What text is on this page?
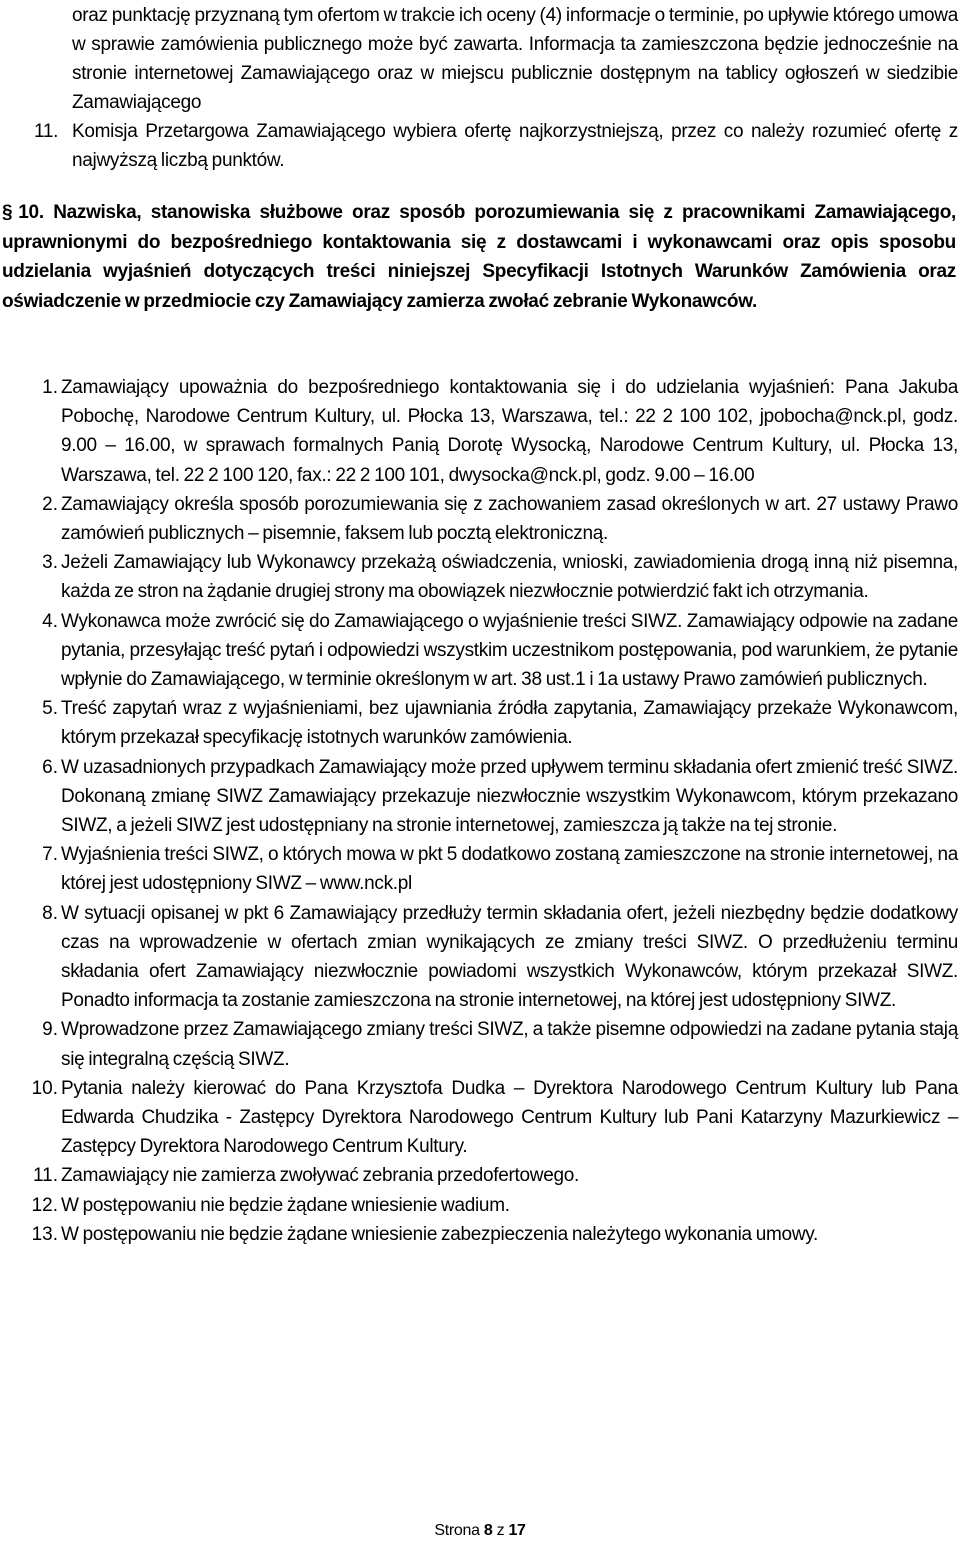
oraz punktację przyznaną tym ofertom w trakcie ich oceny (4) informacje o terminie, po upływie którego umowa w sprawie zamówienia publicznego może być zawarta. Informacja ta zamieszczona będzie jednocześnie na stronie internetowej Zamawiającego oraz w miejscu publicznie dostępnym na tablicy ogłoszeń w siedzibie Zamawiającego
11. Komisja Przetargowa Zamawiającego wybiera ofertę najkorzystniejszą, przez co należy rozumieć ofertę z najwyższą liczbą punktów.
§ 10. Nazwiska, stanowiska służbowe oraz sposób porozumiewania się z pracownikami Zamawiającego, uprawnionymi do bezpośredniego kontaktowania się z dostawcami i wykonawcami oraz opis sposobu udzielania wyjaśnień dotyczących treści niniejszej Specyfikacji Istotnych Warunków Zamówienia oraz oświadczenie w przedmiocie czy Zamawiający zamierza zwołać zebranie Wykonawców.
1. Zamawiający upoważnia do bezpośredniego kontaktowania się i do udzielania wyjaśnień: Pana Jakuba Pobochę, Narodowe Centrum Kultury, ul. Płocka 13, Warszawa, tel.: 22 2 100 102, jpobocha@nck.pl, godz. 9.00 – 16.00, w sprawach formalnych Panią Dorotę Wysocką, Narodowe Centrum Kultury, ul. Płocka 13, Warszawa, tel. 22 2 100 120, fax.: 22 2 100 101, dwysocka@nck.pl, godz. 9.00 – 16.00
2. Zamawiający określa sposób porozumiewania się z zachowaniem zasad określonych w art. 27 ustawy Prawo zamówień publicznych – pisemnie, faksem lub pocztą elektroniczną.
3. Jeżeli Zamawiający lub Wykonawcy przekażą oświadczenia, wnioski, zawiadomienia drogą inną niż pisemna, każda ze stron na żądanie drugiej strony ma obowiązek niezwłocznie potwierdzić fakt ich otrzymania.
4. Wykonawca może zwrócić się do Zamawiającego o wyjaśnienie treści SIWZ. Zamawiający odpowie na zadane pytania, przesyłając treść pytań i odpowiedzi wszystkim uczestnikom postępowania, pod warunkiem, że pytanie wpłynie do Zamawiającego, w terminie określonym w art. 38 ust.1 i 1a ustawy Prawo zamówień publicznych.
5. Treść zapytań wraz z wyjaśnieniami, bez ujawniania źródła zapytania, Zamawiający przekaże Wykonawcom, którym przekazał specyfikację istotnych warunków zamówienia.
6. W uzasadnionych przypadkach Zamawiający może przed upływem terminu składania ofert zmienić treść SIWZ. Dokonaną zmianę SIWZ Zamawiający przekazuje niezwłocznie wszystkim Wykonawcom, którym przekazano SIWZ, a jeżeli SIWZ jest udostępniany na stronie internetowej, zamieszcza ją także na tej stronie.
7. Wyjaśnienia treści SIWZ, o których mowa w pkt 5 dodatkowo zostaną zamieszczone na stronie internetowej, na której jest udostępniony SIWZ – www.nck.pl
8. W sytuacji opisanej w pkt 6 Zamawiający przedłuży termin składania ofert, jeżeli niezbędny będzie dodatkowy czas na wprowadzenie w ofertach zmian wynikających ze zmiany treści SIWZ. O przedłużeniu terminu składania ofert Zamawiający niezwłocznie powiadomi wszystkich Wykonawców, którym przekazał SIWZ. Ponadto informacja ta zostanie zamieszczona na stronie internetowej, na której jest udostępniony SIWZ.
9. Wprowadzone przez Zamawiającego zmiany treści SIWZ, a także pisemne odpowiedzi na zadane pytania stają się integralną częścią SIWZ.
10. Pytania należy kierować do Pana Krzysztofa Dudka – Dyrektora Narodowego Centrum Kultury lub Pana Edwarda Chudzika - Zastępcy Dyrektora Narodowego Centrum Kultury lub Pani Katarzyny Mazurkiewicz – Zastępcy Dyrektora Narodowego Centrum Kultury.
11. Zamawiający nie zamierza zwoływać zebrania przedofertowego.
12. W postępowaniu nie będzie żądane wniesienie wadium.
13. W postępowaniu nie będzie żądane wniesienie zabezpieczenia należytego wykonania umowy.
Strona 8 z 17
